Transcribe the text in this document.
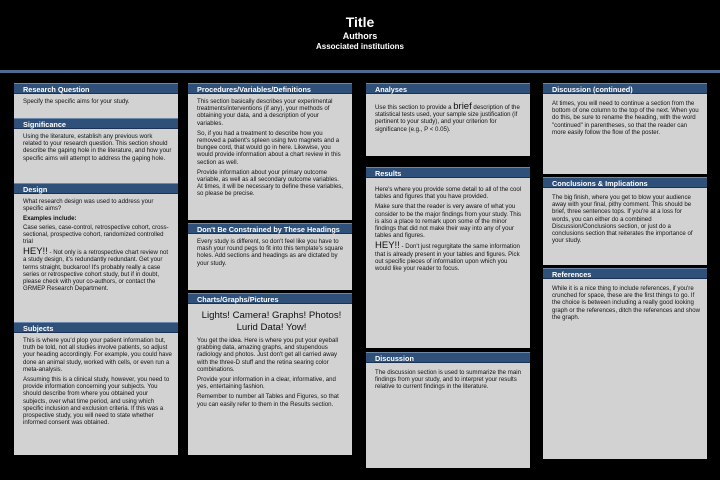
Title
Authors
Associated institutions
Research Question

Specify the specific aims for your study.

Significance

Using the literature, establish any previous work related to your research question. This section should describe the gaping hole in the literature, and how your specific aims will attempt to address the gaping hole.

Design

What research design was used to address your specific aims?

Examples include:

Case series, case-control, retrospective cohort, cross-sectional, prospective cohort, randomized controlled trial

HEY!! - Not only is a retrospective chart review not a study design, it's redundantly redundant. Get your terms straight, buckaroo! It's probably really a case series or retrospective cohort study, but if in doubt, please check with your co-authors, or contact the GRMEP Research Department.

Subjects

This is where you'd plop your patient information but, truth be told, not all studies involve patients, so adjust your heading accordingly. For example, you could have done an animal study, worked with cells, or even run a meta-analysis.

Assuming this is a clinical study, however, you need to provide information concerning your subjects. You should describe from where you obtained your subjects, over what time period, and using which specific inclusion and exclusion criteria. If this was a prospective study, you will need to state whether informed consent was obtained.

Procedures/Variables/Definitions

This section basically describes your experimental treatments/interventions (if any), your methods of obtaining your data, and a description of your variables.

So, if you had a treatment to describe how you removed a patient's spleen using two magnets and a bungee cord, that would go in here. Likewise, you would provide information about a chart review in this section as well.

Provide information about your primary outcome variable, as well as all secondary outcome variables. At times, it will be necessary to define these variables, so please be precise.

Don't Be Constrained by These Headings

Every study is different, so don't feel like you have to mash your round pegs to fit into this template's square holes. Add sections and headings as are dictated by your study.

Charts/Graphs/Pictures

Lights! Camera! Graphs! Photos! Lurid Data! Yow!

You get the idea. Here is where you put your eyeball grabbing data, amazing graphs, and stupendous radiology and photos. Just don't get all carried away with the three-D stuff and the retina searing color combinations.

Provide your information in a clear, informative, and yes, entertaining fashion.

Remember to number all Tables and Figures, so that you can easily refer to them in the Results section.

Analyses

Use this section to provide a brief description of the statistical tests used, your sample size justification (if pertinent to your study), and your criterion for significance (e.g., P < 0.05).

Results

Here's where you provide some detail to all of the cool tables and figures that you have provided.

Make sure that the reader is very aware of what you consider to be the major findings from your study. This is also a place to remark upon some of the minor findings that did not make their way into any of your tables and figures.

HEY!! - Don't just regurgitate the same information that is already present in your tables and figures. Pick out specific pieces of information upon which you would like your reader to focus.

Discussion

The discussion section is used to summarize the main findings from your study, and to interpret your results relative to current findings in the literature.

Discussion (continued)

At times, you will need to continue a section from the bottom of one column to the top of the next. When you do this, be sure to rename the heading, with the word "continued" in parentheses, so that the reader can more easily follow the flow of the poster.

Conclusions & Implications

The big finish, where you get to blow your audience away with your final, pithy comment. This should be brief, three sentences tops. If you're at a loss for words, you can either do a combined Discussion/Conclusions section, or just do a conclusions section that reiterates the importance of your study.

References

While it is a nice thing to include references, if you're crunched for space, these are the first things to go. If the choice is between including a really good looking graph or the references, ditch the references and show the graph.
